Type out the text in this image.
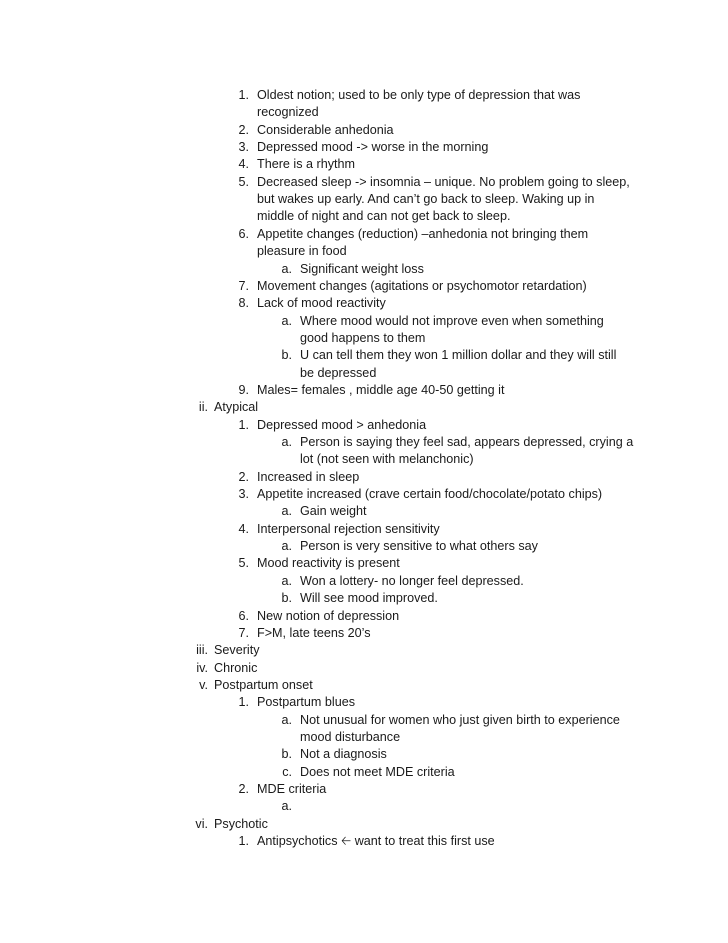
1. Oldest notion; used to be only type of depression that was
recognized
2. Considerable anhedonia
3. Depressed mood -> worse in the morning
4. There is a rhythm
5. Decreased sleep -> insomnia – unique. No problem going to sleep,
but wakes up early. And can’t go back to sleep. Waking up in
middle of night and can not get back to sleep.
6. Appetite changes (reduction) –anhedonia not bringing them
pleasure in food
a. Significant weight loss
7. Movement changes (agitations or psychomotor retardation)
8. Lack of mood reactivity
a. Where mood would not improve even when something
good happens to them
b. U can tell them they won 1 million dollar and they will still
be depressed
9. Males= females , middle age 40-50 getting it
ii. Atypical
1. Depressed mood > anhedonia
a. Person is saying they feel sad, appears depressed, crying a
lot (not seen with melanchonic)
2. Increased in sleep
3. Appetite increased (crave certain food/chocolate/potato chips)
a. Gain weight
4. Interpersonal rejection sensitivity
a. Person is very sensitive to what others say
5. Mood reactivity is present
a. Won a lottery- no longer feel depressed.
b. Will see mood improved.
6. New notion of depression
7. F>M, late teens 20’s
iii. Severity
iv. Chronic
v. Postpartum onset
1. Postpartum blues
a. Not unusual for women who just given birth to experience
mood disturbance
b. Not a diagnosis
c. Does not meet MDE criteria
2. MDE criteria
a.
vi. Psychotic
1. Antipsychotics 🡠 want to treat this first use
